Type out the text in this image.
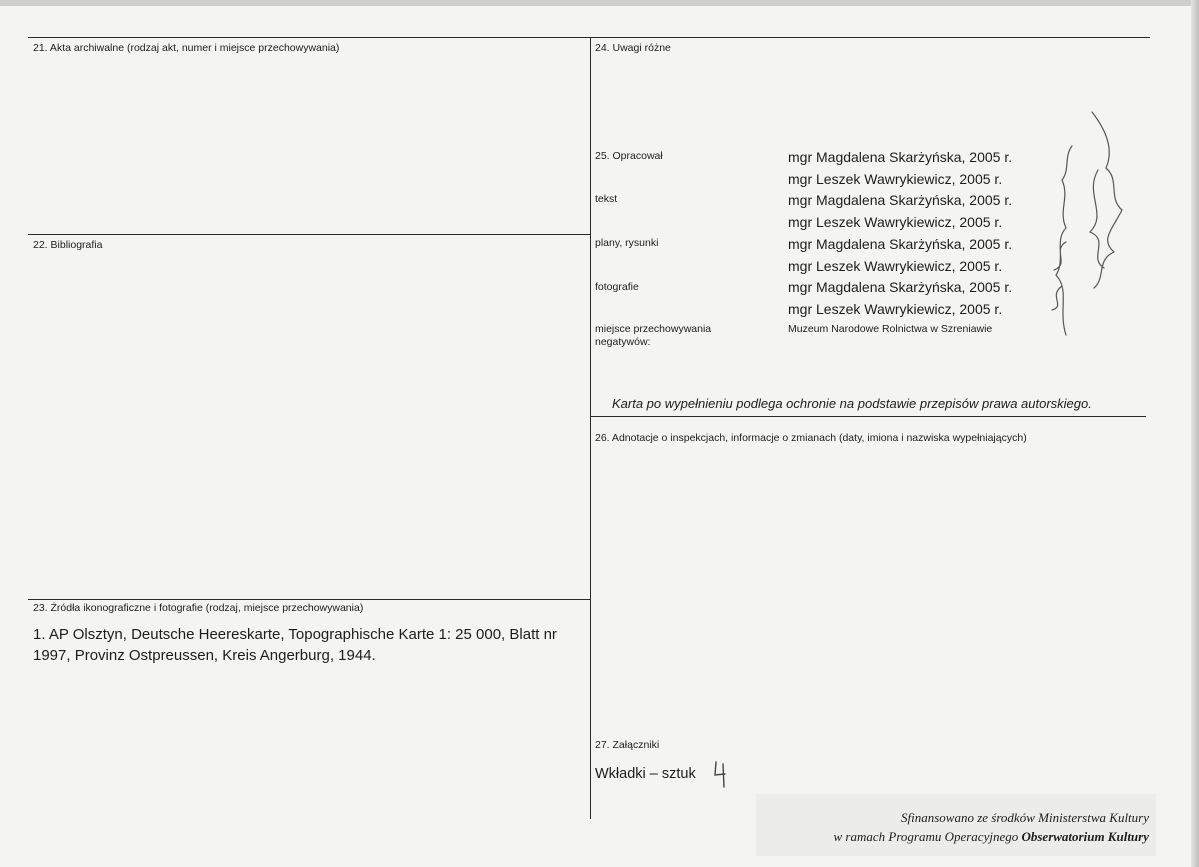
21. Akta archiwalne (rodzaj akt, numer i miejsce przechowywania)
22. Bibliografia
23. Źródła ikonograficzne i fotografie (rodzaj, miejsce przechowywania)
1. AP Olsztyn, Deutsche Heereskarte, Topographische Karte 1: 25 000, Blatt nr
1997, Provinz Ostpreussen, Kreis Angerburg, 1944.
24. Uwagi różne
25. Opracował	mgr Magdalena Skarżyńska, 2005 r.
mgr Leszek Wawrykiewicz, 2005 r.
tekst	mgr Magdalena Skarżyńska, 2005 r.
mgr Leszek Wawrykiewicz, 2005 r.
plany, rysunki	mgr Magdalena Skarżyńska, 2005 r.
mgr Leszek Wawrykiewicz, 2005 r.
fotografie	mgr Magdalena Skarżyńska, 2005 r.
mgr Leszek Wawrykiewicz, 2005 r.
miejsce przechowywania
negatywów:
Muzeum Narodowe Rolnictwa w Szreniawie
Karta po wypełnieniu podlega ochronie na podstawie przepisów prawa autorskiego.
26. Adnotacje o inspekcjach, informacje o zmianach (daty, imiona i nazwiska wypełniających)
27. Załączniki
Wkładki – sztuk
Sfinansowano ze środków Ministerstwa Kultury
w ramach Programu Operacyjnego Obserwatorium Kultury
